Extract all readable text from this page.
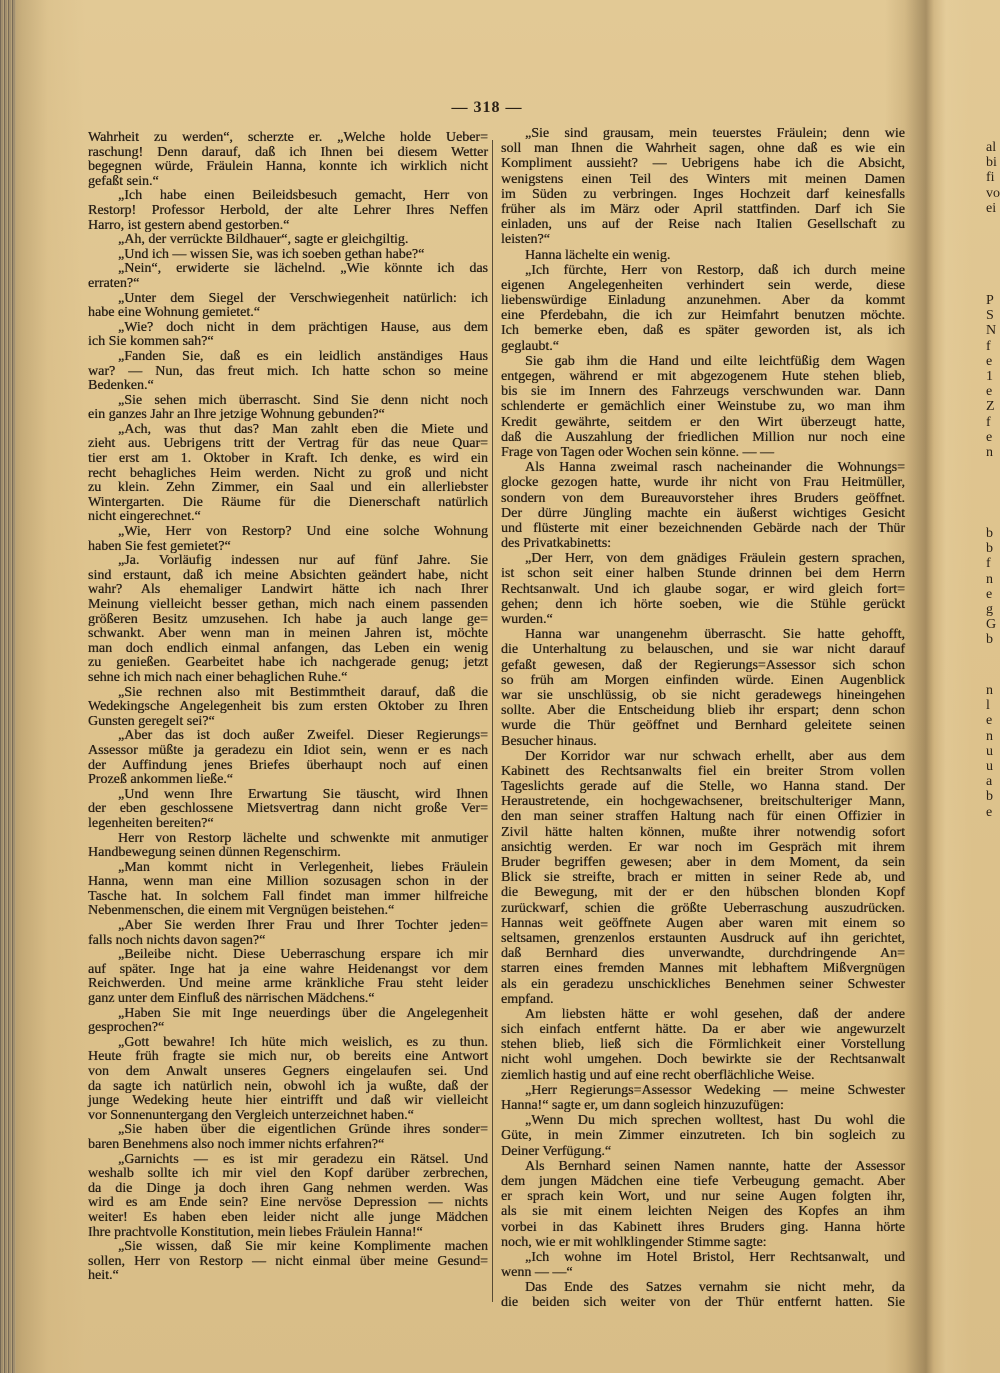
— 318 —
Wahrheit zu werden“, scherzte er. „Welche holde Ueber=
raschung! Denn darauf, daß ich Ihnen bei diesem Wetter
begegnen würde, Fräulein Hanna, konnte ich wirklich nicht
gefaßt sein.“
„Ich habe einen Beileidsbesuch gemacht, Herr von
Restorp! Professor Herbold, der alte Lehrer Ihres Neffen
Harro, ist gestern abend gestorben.“
„Ah, der verrückte Bildhauer“, sagte er gleichgiltig.
„Und ich — wissen Sie, was ich soeben gethan habe?“
„Nein“, erwiderte sie lächelnd. „Wie könnte ich das
erraten?“
„Unter dem Siegel der Verschwiegenheit natürlich: ich
habe eine Wohnung gemietet.“
„Wie? doch nicht in dem prächtigen Hause, aus dem
ich Sie kommen sah?“
„Fanden Sie, daß es ein leidlich anständiges Haus
war? — Nun, das freut mich. Ich hatte schon so meine
Bedenken.“
„Sie sehen mich überrascht. Sind Sie denn nicht noch
ein ganzes Jahr an Ihre jetzige Wohnung gebunden?“
„Ach, was thut das? Man zahlt eben die Miete und
zieht aus. Uebrigens tritt der Vertrag für das neue Quar=
tier erst am 1. Oktober in Kraft. Ich denke, es wird ein
recht behagliches Heim werden. Nicht zu groß und nicht
zu klein. Zehn Zimmer, ein Saal und ein allerliebster
Wintergarten. Die Räume für die Dienerschaft natürlich
nicht eingerechnet.“
„Wie, Herr von Restorp? Und eine solche Wohnung
haben Sie fest gemietet?“
„Ja. Vorläufig indessen nur auf fünf Jahre. Sie
sind erstaunt, daß ich meine Absichten geändert habe, nicht
wahr? Als ehemaliger Landwirt hätte ich nach Ihrer
Meinung vielleicht besser gethan, mich nach einem passenden
größeren Besitz umzusehen. Ich habe ja auch lange ge=
schwankt. Aber wenn man in meinen Jahren ist, möchte
man doch endlich einmal anfangen, das Leben ein wenig
zu genießen. Gearbeitet habe ich nachgerade genug; jetzt
sehne ich mich nach einer behaglichen Ruhe.“
„Sie rechnen also mit Bestimmtheit darauf, daß die
Wedekingsche Angelegenheit bis zum ersten Oktober zu Ihren
Gunsten geregelt sei?“
„Aber das ist doch außer Zweifel. Dieser Regierungs=
Assessor müßte ja geradezu ein Idiot sein, wenn er es nach
der Auffindung jenes Briefes überhaupt noch auf einen
Prozeß ankommen ließe.“
„Und wenn Ihre Erwartung Sie täuscht, wird Ihnen
der eben geschlossene Mietsvertrag dann nicht große Ver=
legenheiten bereiten?“
Herr von Restorp lächelte und schwenkte mit anmutiger
Handbewegung seinen dünnen Regenschirm.
„Man kommt nicht in Verlegenheit, liebes Fräulein
Hanna, wenn man eine Million sozusagen schon in der
Tasche hat. In solchem Fall findet man immer hilfreiche
Nebenmenschen, die einem mit Vergnügen beistehen.“
„Aber Sie werden Ihrer Frau und Ihrer Tochter jeden=
falls noch nichts davon sagen?“
„Beileibe nicht. Diese Ueberraschung erspare ich mir
auf später. Inge hat ja eine wahre Heidenangst vor dem
Reichwerden. Und meine arme kränkliche Frau steht leider
ganz unter dem Einfluß des närrischen Mädchens.“
„Haben Sie mit Inge neuerdings über die Angelegenheit
gesprochen?“
„Gott bewahre! Ich hüte mich weislich, es zu thun.
Heute früh fragte sie mich nur, ob bereits eine Antwort
von dem Anwalt unseres Gegners eingelaufen sei. Und
da sagte ich natürlich nein, obwohl ich ja wußte, daß der
junge Wedeking heute hier eintrifft und daß wir vielleicht
vor Sonnenuntergang den Vergleich unterzeichnet haben.“
„Sie haben über die eigentlichen Gründe ihres sonder=
baren Benehmens also noch immer nichts erfahren?“
„Garnichts — es ist mir geradezu ein Rätsel. Und
weshalb sollte ich mir viel den Kopf darüber zerbrechen,
da die Dinge ja doch ihren Gang nehmen werden. Was
wird es am Ende sein? Eine nervöse Depression — nichts
weiter! Es haben eben leider nicht alle junge Mädchen
Ihre prachtvolle Konstitution, mein liebes Fräulein Hanna!“
„Sie wissen, daß Sie mir keine Komplimente machen
sollen, Herr von Restorp — nicht einmal über meine Gesund=
heit.“
„Sie sind grausam, mein teuerstes Fräulein; denn wie
soll man Ihnen die Wahrheit sagen, ohne daß es wie ein
Kompliment aussieht? — Uebrigens habe ich die Absicht,
wenigstens einen Teil des Winters mit meinen Damen
im Süden zu verbringen. Inges Hochzeit darf keinesfalls
früher als im März oder April stattfinden. Darf ich Sie
einladen, uns auf der Reise nach Italien Gesellschaft zu
leisten?“
Hanna lächelte ein wenig.
„Ich fürchte, Herr von Restorp, daß ich durch meine
eigenen Angelegenheiten verhindert sein werde, diese
liebenswürdige Einladung anzunehmen. Aber da kommt
eine Pferdebahn, die ich zur Heimfahrt benutzen möchte.
Ich bemerke eben, daß es später geworden ist, als ich
geglaubt.“
Sie gab ihm die Hand und eilte leichtfüßig dem Wagen
entgegen, während er mit abgezogenem Hute stehen blieb,
bis sie im Innern des Fahrzeugs verschwunden war. Dann
schlenderte er gemächlich einer Weinstube zu, wo man ihm
Kredit gewährte, seitdem er den Wirt überzeugt hatte,
daß die Auszahlung der friedlichen Million nur noch eine
Frage von Tagen oder Wochen sein könne. — —
Als Hanna zweimal rasch nacheinander die Wohnungs=
glocke gezogen hatte, wurde ihr nicht von Frau Heitmüller,
sondern von dem Bureauvorsteher ihres Bruders geöffnet.
Der dürre Jüngling machte ein äußerst wichtiges Gesicht
und flüsterte mit einer bezeichnenden Gebärde nach der Thür
des Privatkabinetts:
„Der Herr, von dem gnädiges Fräulein gestern sprachen,
ist schon seit einer halben Stunde drinnen bei dem Herrn
Rechtsanwalt. Und ich glaube sogar, er wird gleich fort=
gehen; denn ich hörte soeben, wie die Stühle gerückt
wurden.“
Hanna war unangenehm überrascht. Sie hatte gehofft,
die Unterhaltung zu belauschen, und sie war nicht darauf
gefaßt gewesen, daß der Regierungs=Assessor sich schon
so früh am Morgen einfinden würde. Einen Augenblick
war sie unschlüssig, ob sie nicht geradewegs hineingehen
sollte. Aber die Entscheidung blieb ihr erspart; denn schon
wurde die Thür geöffnet und Bernhard geleitete seinen
Besucher hinaus.
Der Korridor war nur schwach erhellt, aber aus dem
Kabinett des Rechtsanwalts fiel ein breiter Strom vollen
Tageslichts gerade auf die Stelle, wo Hanna stand. Der
Heraustretende, ein hochgewachsener, breitschulteriger Mann,
den man seiner straffen Haltung nach für einen Offizier in
Zivil hätte halten können, mußte ihrer notwendig sofort
ansichtig werden. Er war noch im Gespräch mit ihrem
Bruder begriffen gewesen; aber in dem Moment, da sein
Blick sie streifte, brach er mitten in seiner Rede ab, und
die Bewegung, mit der er den hübschen blonden Kopf
zurückwarf, schien die größte Ueberraschung auszudrücken.
Hannas weit geöffnete Augen aber waren mit einem so
seltsamen, grenzenlos erstaunten Ausdruck auf ihn gerichtet,
daß Bernhard dies unverwandte, durchdringende An=
starren eines fremden Mannes mit lebhaftem Mißvergnügen
als ein geradezu unschickliches Benehmen seiner Schwester
empfand.
Am liebsten hätte er wohl gesehen, daß der andere
sich einfach entfernt hätte. Da er aber wie angewurzelt
stehen blieb, ließ sich die Förmlichkeit einer Vorstellung
nicht wohl umgehen. Doch bewirkte sie der Rechtsanwalt
ziemlich hastig und auf eine recht oberflächliche Weise.
„Herr Regierungs=Assessor Wedeking — meine Schwester
Hanna!“ sagte er, um dann sogleich hinzuzufügen:
„Wenn Du mich sprechen wolltest, hast Du wohl die
Güte, in mein Zimmer einzutreten. Ich bin sogleich zu
Deiner Verfügung.“
Als Bernhard seinen Namen nannte, hatte der Assessor
dem jungen Mädchen eine tiefe Verbeugung gemacht. Aber
er sprach kein Wort, und nur seine Augen folgten ihr,
als sie mit einem leichten Neigen des Kopfes an ihm
vorbei in das Kabinett ihres Bruders ging. Hanna hörte
noch, wie er mit wohlklingender Stimme sagte:
„Ich wohne im Hotel Bristol, Herr Rechtsanwalt, und
wenn — —“
Das Ende des Satzes vernahm sie nicht mehr, da
die beiden sich weiter von der Thür entfernt hatten. Sie
al
bi
fi
vo
ei
P
S
N
f
e
1
e
Z
f
e
n
b
b
f
n
e
g
G
b
n
l
e
n
u
u
a
b
e
